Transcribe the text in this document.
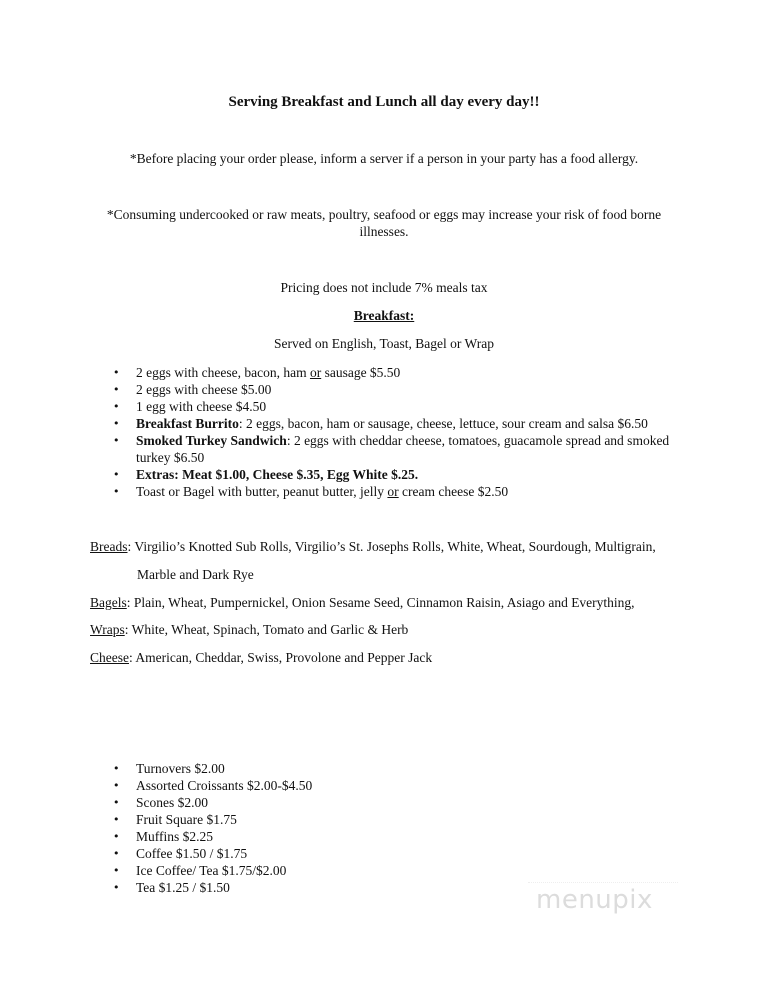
Serving Breakfast and Lunch all day every day!!
*Before placing your order please, inform a server if a person in your party has a food allergy.
*Consuming undercooked or raw meats, poultry, seafood or eggs may increase your risk of food borne illnesses.
Pricing does not include 7% meals tax
Breakfast:
Served on English, Toast, Bagel or Wrap
• 2 eggs with cheese, bacon, ham or sausage $5.50
• 2 eggs with cheese $5.00
• 1 egg with cheese $4.50
• Breakfast Burrito: 2 eggs, bacon, ham or sausage, cheese, lettuce, sour cream and salsa $6.50
• Smoked Turkey Sandwich: 2 eggs with cheddar cheese, tomatoes, guacamole spread and smoked turkey $6.50
• Extras: Meat $1.00, Cheese $.35, Egg White $.25.
• Toast or Bagel with butter, peanut butter, jelly or cream cheese $2.50
Breads: Virgilio’s Knotted Sub Rolls, Virgilio’s St. Josephs Rolls, White, Wheat, Sourdough, Multigrain,
Marble and Dark Rye
Bagels: Plain, Wheat, Pumpernickel, Onion Sesame Seed, Cinnamon Raisin, Asiago and Everything,
Wraps: White, Wheat, Spinach, Tomato and Garlic & Herb
Cheese: American, Cheddar, Swiss, Provolone and Pepper Jack
• Turnovers $2.00
• Assorted Croissants $2.00-$4.50
• Scones $2.00
• Fruit Square $1.75
• Muffins $2.25
• Coffee $1.50 / $1.75
• Ice Coffee/ Tea $1.75/$2.00
• Tea $1.25 / $1.50	menupix
